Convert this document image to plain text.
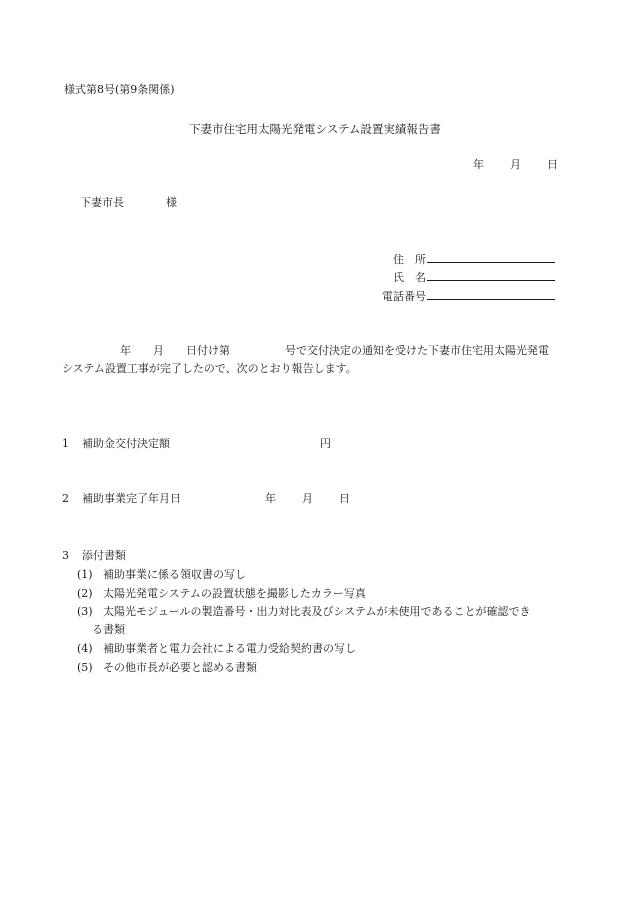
様式第8号(第9条関係)
下妻市住宅用太陽光発電システム設置実績報告書
年 月 日
下妻市長	様
住　所
氏　名
電話番号
年　　月　　日付け第　　　　　号で交付決定の通知を受けた下妻市住宅用太陽光発電
システム設置工事が完了したので、次のとおり報告します。
1 補助金交付決定額	円
2 補助事業完了年月日	年 月 日
3 添付書類
(1) 補助事業に係る領収書の写し
(2) 太陽光発電システムの設置状態を撮影したカラー写真
(3) 太陽光モジュールの製造番号・出力対比表及びシステムが未使用であることが確認でき
る書類
(4) 補助事業者と電力会社による電力受給契約書の写し
(5) その他市長が必要と認める書類
